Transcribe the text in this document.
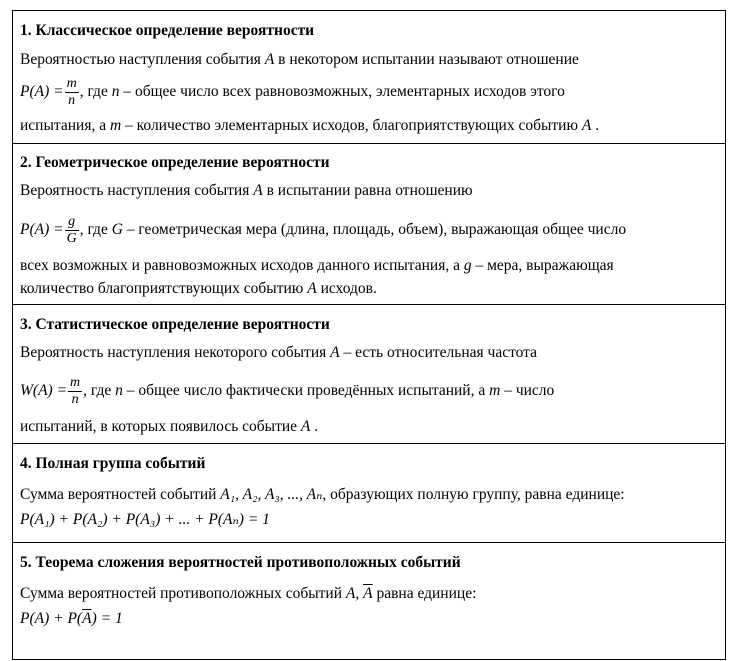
1. Классическое определение вероятности
Вероятностью наступления события A в некотором испытании называют отношение
$P(A) = \frac{m}{n}$ , где n – общее число всех равновозможных, элементарных исходов этого
испытания, а m – количество элементарных исходов, благоприятствующих событию A .
2. Геометрическое определение вероятности
Вероятность наступления события A в испытании равна отношению
$P(A) = \frac{g}{G}$ , где G – геометрическая мера (длина, площадь, объем), выражающая общее число
всех возможных и равновозможных исходов данного испытания, а g – мера, выражающая
количество благоприятствующих событию A исходов.
3. Статистическое определение вероятности
Вероятность наступления некоторого события A – есть относительная частота
$W(A) = \frac{m}{n}$ , где n – общее число фактически проведённых испытаний, а m – число
испытаний, в которых появилось событие A .
4. Полная группа событий
Сумма вероятностей событий A₁, A₂, A₃, ..., Aₙ, образующих полную группу, равна единице:
P(A₁) + P(A₂) + P(A₃) + ... + P(Aₙ) = 1
5. Теорема сложения вероятностей противоположных событий
Сумма вероятностей противоположных событий A, $\overline{A}$ равна единице:
$P(A) + P(\overline{A}) = 1$
